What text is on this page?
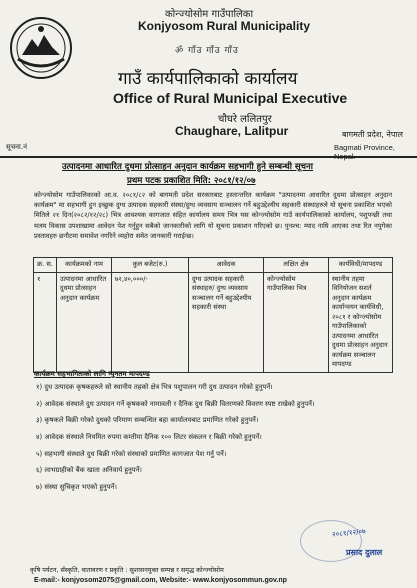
कोन्ज्योसोम गाउँपालिका
Konjyosom Rural Municipality
ॐ गाँउ गाँउ गाँउ
गाउँ कार्यपालिकाको कार्यालय
Office of Rural Municipal Executive
चौघरे ललितपुर
Chaughare, Lalitpur	बागमती प्रदेश, नेपाल
Bagmati Province,
सूचना.नं
उत्पादनमा आधारित दुधमा प्रोत्साहन अनुदान कार्यक्रम सहभागी हुने सम्बन्धी सूचना
प्रथम पटक प्रकाशित मिति: २०८१/१२/०७
कोन्ज्योसोम गाउँपालिकाको आ.व. २०८१/८२ को बागमती प्रदेश सरकारबाट हस्तान्तरित कार्यक्रम "उत्पादनमा आधारित दुधमा प्रोत्साहन अनुदान कार्यक्रम" मा सहभागी हुन इच्छुक दुग्ध उत्पादक सहकारी संस्था/दुग्ध व्यवसाय सञ्चालन गर्ने बहुउद्देश्यीय सहकारी संस्थाहरुले यो सूचना प्रकाशित भएको मितिले २१ दिन(२०८२/१२/२८) भित्र आवश्यक कागजात सहित कार्यालय समय भित्र यस कोन्ज्योसोम गाउँ कार्यपालिकाको कार्यालय, पशुपन्छी तथा मत्स्य विकास उपशाखामा आवेदन पेश गर्नुहुन सबैको जानकारीको लागि यो सूचना प्रकाशन गरिएको छ। पुनश्च: म्याद नाघि आएका तथा रित नपुगेका प्रस्तावहरु छनौटमा समावेश नगरिने व्यहोरा समेत जानकारी गराईन्छ।
क्र. स.	कार्यक्रमको नाम	कुल बजेट(रु.)	आवेदक	लक्षित क्षेत्र	कार्यविधी/मापदण्ड
१	उत्पादनमा आधारित दुधमा प्रोत्साहन अनुदान कार्यक्रम	७२,४०,०००/-	दुग्ध उत्पादक सहकारी संस्थाहरु/ दुग्ध व्यवसाय सञ्चालन गर्ने बहुउद्देश्यीय सहकारी संस्था	कोन्ज्योसोम गाउँपालिका भित्र	स्थानीय तहमा विनियोजन सशर्त अनुदान कार्यक्रम कार्यान्वयन कार्यविधी, २०८१ र कोन्ज्योसोम गाउँपालिकाको उत्पादनमा आधारित दुधमा प्रोत्साहन अनुदान कार्यक्रम सञ्चालन मापदण्ड
कार्यक्रम सहभागिताको लागि न्युनतम मापदण्ड
१) दुध उत्पादक कृषकहरुले सो स्थानीय तहको क्षेत्र भित्र पशुपालन गरी दुध उत्पादन गरेको हुनुपर्ने।
२) आवेदक संस्थाले दुध उत्पादन गर्ने कृषकको नामावली र दैनिक दुध बिक्री वितरणको विवरण स्पष्ट राखेको हुनुपर्ने।
३) कृषकले बिक्री गरेको दुधको परिमाण सम्बन्धित बहा कार्यालयबाट प्रमाणित गरेको हुनुपर्ने।
४) आवेदक संस्थाले नियमित रुपमा कम्तीमा दैनिक १०० लिटर संकलन र बिक्री गरेको हुनुपर्ने।
५) सहभागी संस्थाले दुध बिक्री गरेको संस्थाको प्रमाणित कागजात पेश गर्नु पर्ने।
६) लाभग्राहीको बैंक खाता अनिवार्य हुनुपर्ने।
७) संस्था सुचिकृत भएको हुनुपर्ने।
२०८१/१२/०७
प्रसाद दुलाल
कृषि पर्यटन, सँस्कृति, वातावरण र प्रकृति : सुशासनयुक्त सम्पन्न र समृद्ध कोन्ज्योसोम
E-mail:- konjyosom2075@gmail.com, Website:- www.konjyosommun.gov.np
